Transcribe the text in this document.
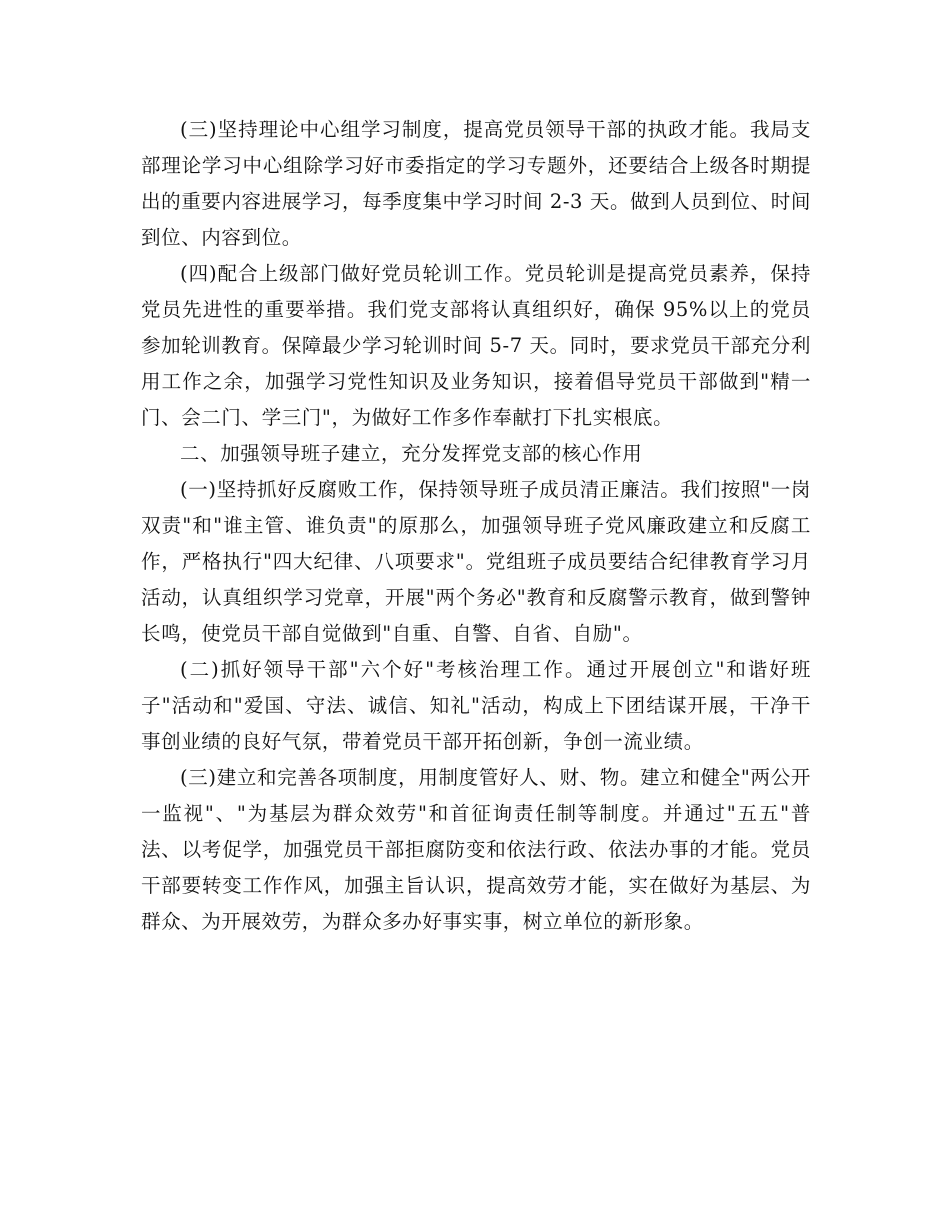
(三)坚持理论中心组学习制度，提高党员领导干部的执政才能。我局支部理论学习中心组除学习好市委指定的学习专题外，还要结合上级各时期提出的重要内容进展学习，每季度集中学习时间 2-3 天。做到人员到位、时间到位、内容到位。

(四)配合上级部门做好党员轮训工作。党员轮训是提高党员素养，保持党员先进性的重要举措。我们党支部将认真组织好，确保 95%以上的党员参加轮训教育。保障最少学习轮训时间 5-7 天。同时，要求党员干部充分利用工作之余，加强学习党性知识及业务知识，接着倡导党员干部做到"精一门、会二门、学三门"，为做好工作多作奉献打下扎实根底。

二、加强领导班子建立，充分发挥党支部的核心作用

(一)坚持抓好反腐败工作，保持领导班子成员清正廉洁。我们按照"一岗双责"和"谁主管、谁负责"的原那么，加强领导班子党风廉政建立和反腐工作，严格执行"四大纪律、八项要求"。党组班子成员要结合纪律教育学习月活动，认真组织学习党章，开展"两个务必"教育和反腐警示教育，做到警钟长鸣，使党员干部自觉做到"自重、自警、自省、自励"。

(二)抓好领导干部"六个好"考核治理工作。通过开展创立"和谐好班子"活动和"爱国、守法、诚信、知礼"活动，构成上下团结谋开展，干净干事创业绩的良好气氛，带着党员干部开拓创新，争创一流业绩。

(三)建立和完善各项制度，用制度管好人、财、物。建立和健全"两公开一监视"、"为基层为群众效劳"和首征询责任制等制度。并通过"五五"普法、以考促学，加强党员干部拒腐防变和依法行政、依法办事的才能。党员干部要转变工作作风，加强主旨认识，提高效劳才能，实在做好为基层、为群众、为开展效劳，为群众多办好事实事，树立单位的新形象。
